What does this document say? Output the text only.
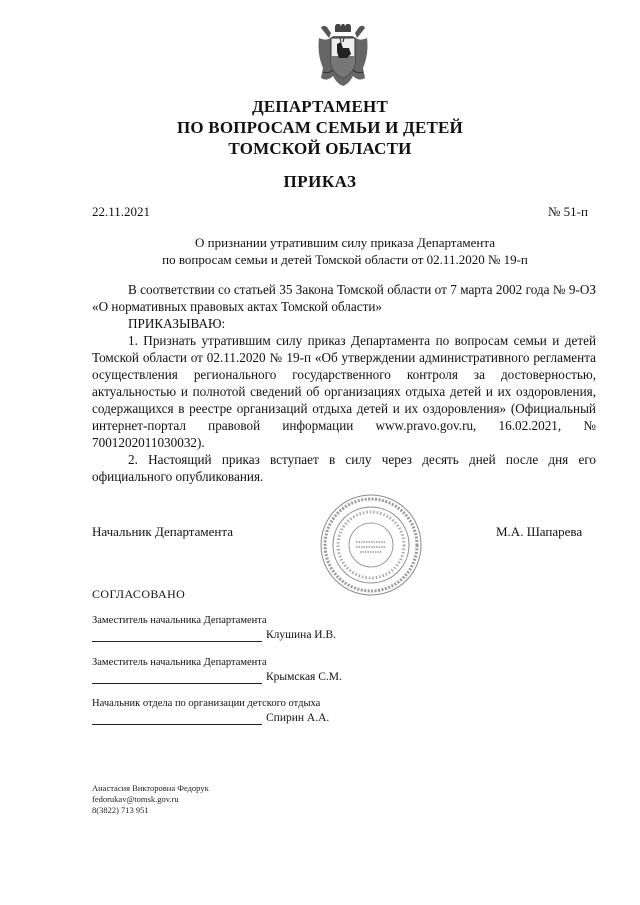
ДЕПАРТАМЕНТ
ПО ВОПРОСАМ СЕМЬИ И ДЕТЕЙ
ТОМСКОЙ ОБЛАСТИ
ПРИКАЗ
22.11.2021	№ 51-п
О признании утратившим силу приказа Департамента
по вопросам семьи и детей Томской области от 02.11.2020 № 19-п

В соответствии со статьей 35 Закона Томской области от 7 марта 2002 года № 9-ОЗ «О нормативных правовых актах Томской области»

ПРИКАЗЫВАЮ:

1. Признать утратившим силу приказ Департамента по вопросам семьи и детей Томской области от 02.11.2020 № 19-п «Об утверждении административного регламента осуществления регионального государственного контроля за достоверностью, актуальностью и полнотой сведений об организациях отдыха детей и их оздоровления, содержащихся в реестре организаций отдыха детей и их оздоровления» (Официальный интернет-портал правовой информации www.pravo.gov.ru, 16.02.2021, № 7001202011030032).

2. Настоящий приказ вступает в силу через десять дней после дня его официального опубликования.

Начальник Департамента	М.А. Шапарева
СОГЛАСОВАНО
Заместитель начальника Департамента
Клушина И.В.
Заместитель начальника Департамента
Крымская С.М.
Начальник отдела по организации детского отдыха
Спирин А.А.
Анастасия Викторовна Федорук
fedorukav@tomsk.gov.ru
8(3822) 713 951
